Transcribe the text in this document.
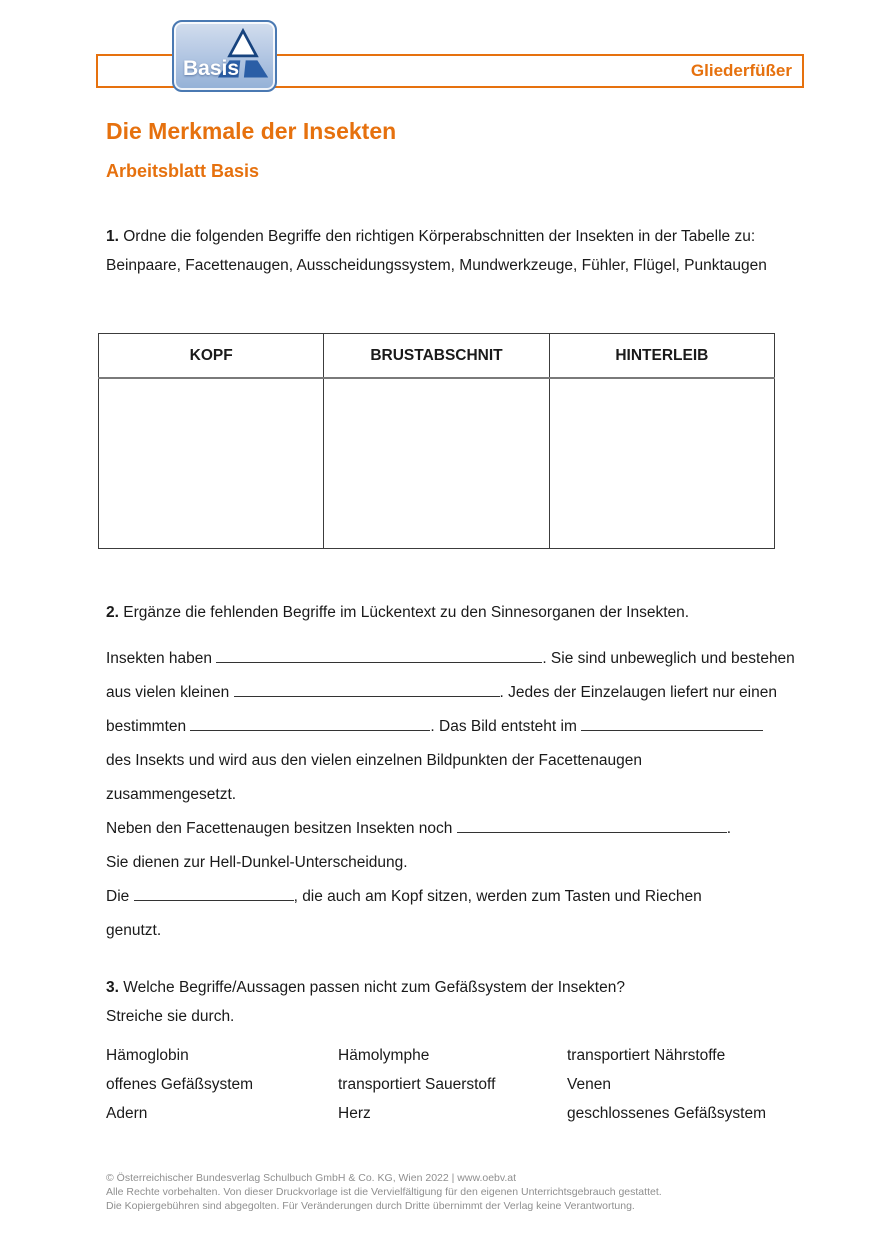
Gliederfüßer
Basis
Die Merkmale der Insekten
Arbeitsblatt Basis
1. Ordne die folgenden Begriffe den richtigen Körperabschnitten der Insekten in der Tabelle zu: Beinpaare, Facettenaugen, Ausscheidungssystem, Mundwerkzeuge, Fühler, Flügel, Punktaugen
KOPF	BRUSTABSCHNIT	HINTERLEIB

2. Ergänze die fehlenden Begriffe im Lückentext zu den Sinnesorganen der Insekten.

Insekten haben	. Sie sind unbeweglich und bestehen

aus vielen kleinen	. Jedes der Einzelaugen liefert nur einen

bestimmten	. Das Bild entsteht im

des Insekts und wird aus den vielen einzelnen Bildpunkten der Facettenaugen

zusammengesetzt.

Neben den Facettenaugen besitzen Insekten noch	.

Sie dienen zur Hell-Dunkel-Unterscheidung.

Die	, die auch am Kopf sitzen, werden zum Tasten und Riechen

genutzt.

3. Welche Begriffe/Aussagen passen nicht zum Gefäßsystem der Insekten?
Streiche sie durch.
Hämoglobin	Hämolymphe	transportiert Nährstoffe
offenes Gefäßsystem	transportiert Sauerstoff	Venen
Adern	Herz	geschlossenes Gefäßsystem
© Österreichischer Bundesverlag Schulbuch GmbH & Co. KG, Wien 2022 | www.oebv.at
Alle Rechte vorbehalten. Von dieser Druckvorlage ist die Vervielfältigung für den eigenen Unterrichtsgebrauch gestattet.
Die Kopiergebühren sind abgegolten. Für Veränderungen durch Dritte übernimmt der Verlag keine Verantwortung.
